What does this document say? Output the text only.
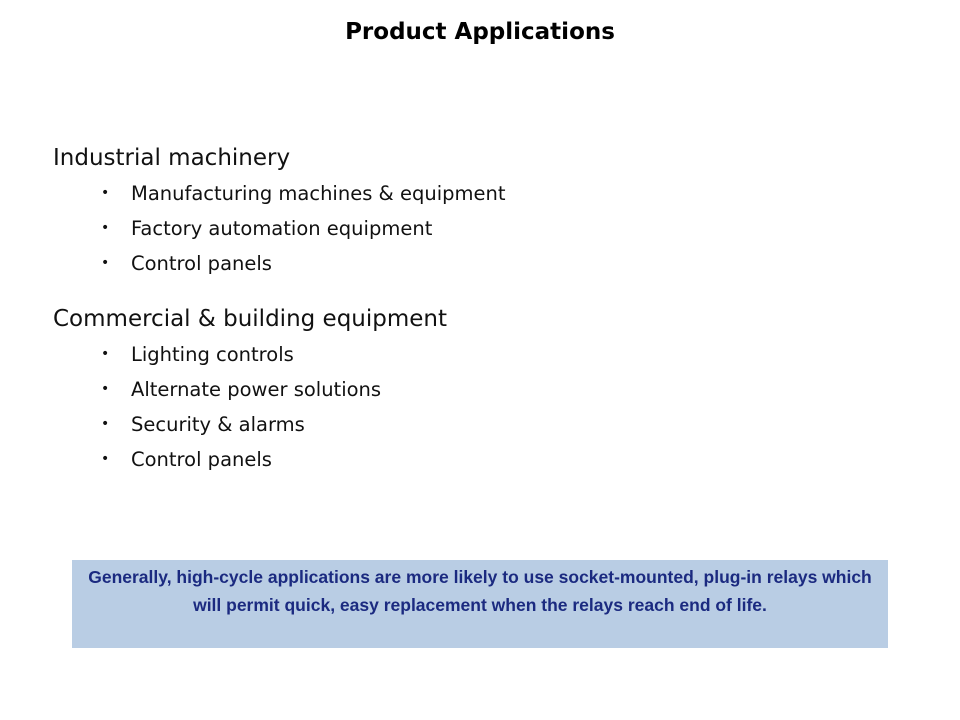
Product Applications
Industrial machinery
• Manufacturing machines & equipment
• Factory automation equipment
• Control panels
Commercial & building equipment
• Lighting controls
• Alternate power solutions
• Security & alarms
• Control panels
Generally, high-cycle applications are more likely to use socket-mounted, plug-in relays which will permit quick, easy replacement when the relays reach end of life.
